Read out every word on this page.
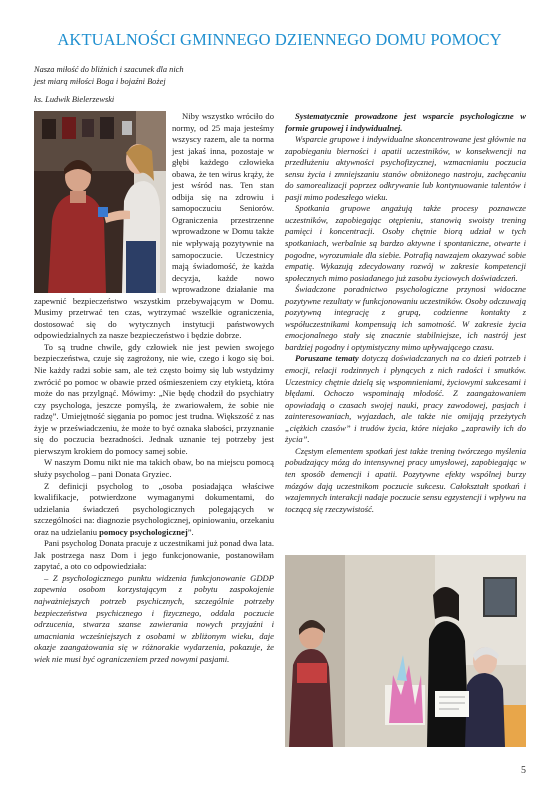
AKTUALNOŚCI GMINNEGO DZIENNEGO DOMU POMOCY

Nasza miłość do bliźnich i szacunek dla nich

jest miarą miłości Boga i bojaźni Bożej

ks. Ludwik Bielerzewski

Niby wszystko wróciło do normy, od 25 maja jesteśmy wszyscy razem, ale ta norma jest jakaś inna, pozostaje w głębi każdego człowieka obawa, że ten wirus krąży, że jest wśród nas. Ten stan odbija się na zdrowiu i samopoczuciu Seniorów. Ograniczenia przestrzenne wprowadzone w Domu także nie wpływają pozytywnie na samopoczucie. Uczestnicy mają świadomość, że każda decyzja, każde nowo wprowadzone działanie ma zapewnić bezpieczeństwo wszystkim przebywającym w Domu. Musimy przetrwać ten czas, wytrzymać wszelkie ograniczenia, dostosować się do wytycznych instytucji państwowych odpowiedzialnych za nasze bezpieczeństwo i będzie dobrze.

To są trudne chwile, gdy człowiek nie jest pewien swojego bezpieczeństwa, czuje się zagrożony, nie wie, czego i kogo się boi. Nie każdy radzi sobie sam, ale też często boimy się lub wstydzimy zwrócić po pomoc w obawie przed ośmieszeniem czy etykietą, która może do nas przylgnąć. Mówimy: „Nie będę chodził do psychiatry czy psychologa, jeszcze pomyślą, że zwariowałem, że sobie nie radzę”. Umiejętność sięgania po pomoc jest trudna. Większość z nas żyje w przeświadczeniu, że może to być oznaka słabości, przyznanie się do poczucia bezradności. Jednak uznanie tej potrzeby jest pierwszym krokiem do pomocy samej sobie.

W naszym Domu nikt nie ma takich obaw, bo na miejscu pomocą służy psycholog – pani Donata Gryziec.

Z definicji psycholog to „osoba posiadająca właściwe kwalifikacje, potwierdzone wymaganymi dokumentami, do udzielania świadczeń psychologicznych polegających w szczególności na: diagnozie psychologicznej, opiniowaniu, orzekaniu oraz na udzielaniu pomocy psychologicznej”.

Pani psycholog Donata pracuje z uczestnikami już ponad dwa lata. Jak postrzega nasz Dom i jego funkcjonowanie, postanowiłam zapytać, a oto co odpowiedziała:

– Z psychologicznego punktu widzenia funkcjonowanie GDDP zapewnia osobom korzystającym z pobytu zaspokojenie najważniejszych potrzeb psychicznych, szczególnie potrzeby bezpieczeństwa psychicznego i fizycznego, oddala poczucie odrzucenia, stwarza szanse zawierania nowych przyjaźni i umacniania wcześniejszych z osobami w zbliżonym wieku, daje okazje zaangażowania się w różnorakie wydarzenia, pokazuje, że wiek nie musi być ograniczeniem przed nowymi pasjami.

Systematycznie prowadzone jest wsparcie psychologiczne w formie grupowej i indywidualnej.

Wsparcie grupowe i indywidualne skoncentrowane jest głównie na zapobieganiu bierności i apatii uczestników, w konsekwencji na przedłużeniu aktywności psychofizycznej, wzmacnianiu poczucia sensu życia i zmniejszaniu stanów obniżonego nastroju, zachęcaniu do samorealizacji poprzez odkrywanie lub kontynuowanie talentów i pasji mimo podeszłego wieku.

Spotkania grupowe angażują także procesy poznawcze uczestników, zapobiegając otępieniu, stanowią swoisty trening pamięci i koncentracji. Osoby chętnie biorą udział w tych spotkaniach, werbalnie są bardzo aktywne i spontaniczne, otwarte i pogodne, wyrozumiałe dla siebie. Potrafią nawzajem okazywać sobie empatię. Wykazują zdecydowany rozwój w zakresie kompetencji społecznych mimo posiadanego już zasobu życiowych doświadczeń.

Świadczone poradnictwo psychologiczne przynosi widoczne pozytywne rezultaty w funkcjonowaniu uczestników. Osoby odczuwają pozytywną integrację z grupą, codzienne kontakty z współuczestnikami kompensują ich samotność. W zakresie życia emocjonalnego stały się znacznie stabilniejsze, ich nastrój jest bardziej pogodny i optymistyczny mimo upływającego czasu.

Poruszane tematy dotyczą doświadczanych na co dzień potrzeb i emocji, relacji rodzinnych i płynących z nich radości i smutków. Uczestnicy chętnie dzielą się wspomnieniami, życiowymi sukcesami i błędami. Ochoczo wspominają młodość. Z zaangażowaniem opowiadają o czasach swojej nauki, pracy zawodowej, pasjach i zainteresowaniach, wyjazdach, ale także nie omijają przeżytych „ciężkich czasów” i trudów życia, które niejako „zaprawiły ich do życia”.

Częstym elementem spotkań jest także trening twórczego myślenia pobudzający mózg do intensywnej pracy umysłowej, zapobiegając w ten sposób demencji i apatii. Pozytywne efekty wspólnej burzy mózgów dają uczestnikom poczucie sukcesu. Całokształt spotkań i wzajemnych interakcji nadaje poczucie sensu egzystencji i wpływu na toczącą się rzeczywistość.

5
